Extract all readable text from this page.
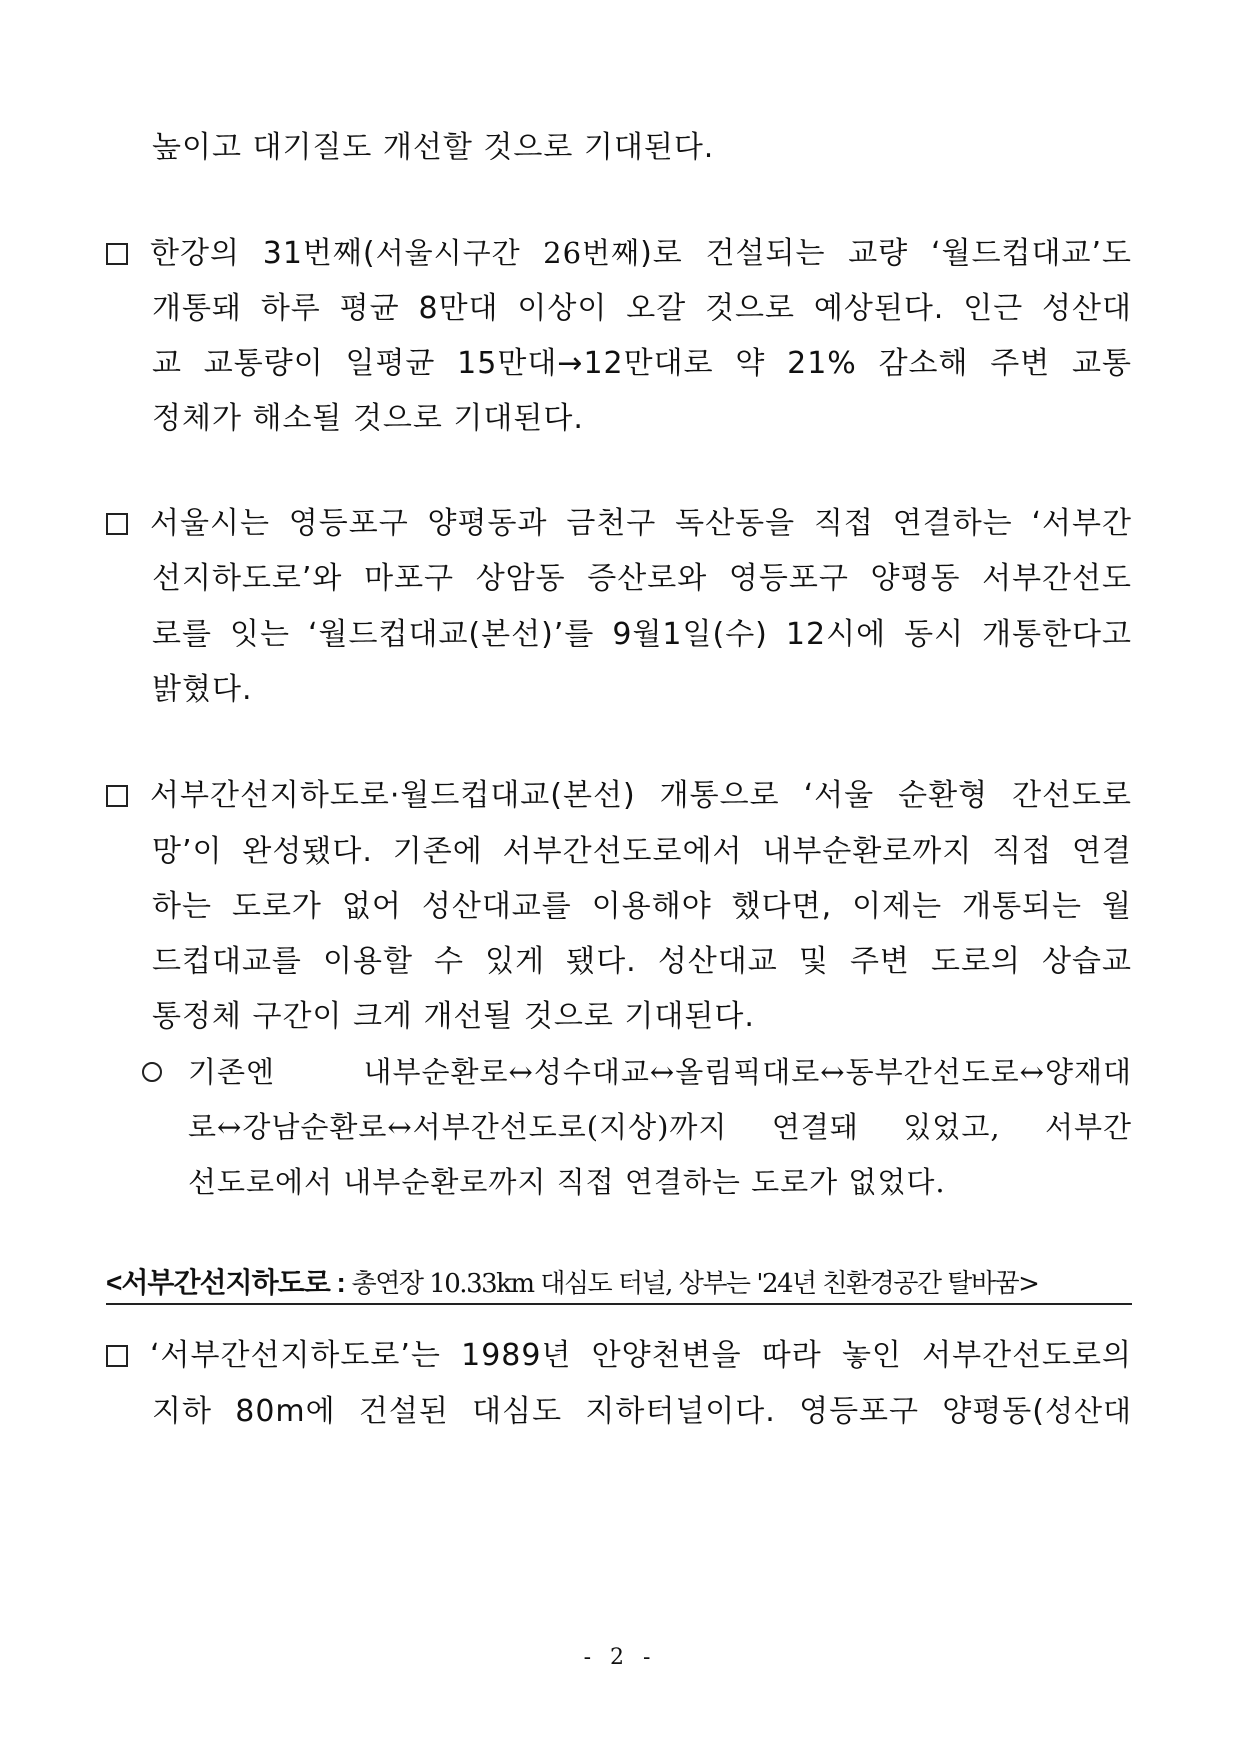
높이고 대기질도 개선할 것으로 기대된다.
한강의 31번째(서울시구간 26번째)로 건설되는 교량 ‘월드컵대교’도
개통돼 하루 평균 8만대 이상이 오갈 것으로 예상된다. 인근 성산대
교 교통량이 일평균 15만대→12만대로 약 21% 감소해 주변 교통
정체가 해소될 것으로 기대된다.
서울시는 영등포구 양평동과 금천구 독산동을 직접 연결하는 ‘서부간
선지하도로’와 마포구 상암동 증산로와 영등포구 양평동 서부간선도
로를 잇는 ‘월드컵대교(본선)’를 9월1일(수) 12시에 동시 개통한다고
밝혔다.
서부간선지하도로·월드컵대교(본선) 개통으로 ‘서울 순환형 간선도로
망’이 완성됐다. 기존에 서부간선도로에서 내부순환로까지 직접 연결
하는 도로가 없어 성산대교를 이용해야 했다면, 이제는 개통되는 월
드컵대교를 이용할 수 있게 됐다. 성산대교 및 주변 도로의 상습교
통정체 구간이 크게 개선될 것으로 기대된다.
기존엔 내부순환로↔성수대교↔올림픽대로↔동부간선도로↔양재대
로↔강남순환로↔서부간선도로(지상)까지 연결돼 있었고, 서부간
선도로에서 내부순환로까지 직접 연결하는 도로가 없었다.
<서부간선지하도로 : 총연장 10.33km 대심도 터널, 상부는 '24년 친환경공간 탈바꿈>
‘서부간선지하도로’는 1989년 안양천변을 따라 놓인 서부간선도로의
지하 80m에 건설된 대심도 지하터널이다. 영등포구 양평동(성산대
- 2 -
